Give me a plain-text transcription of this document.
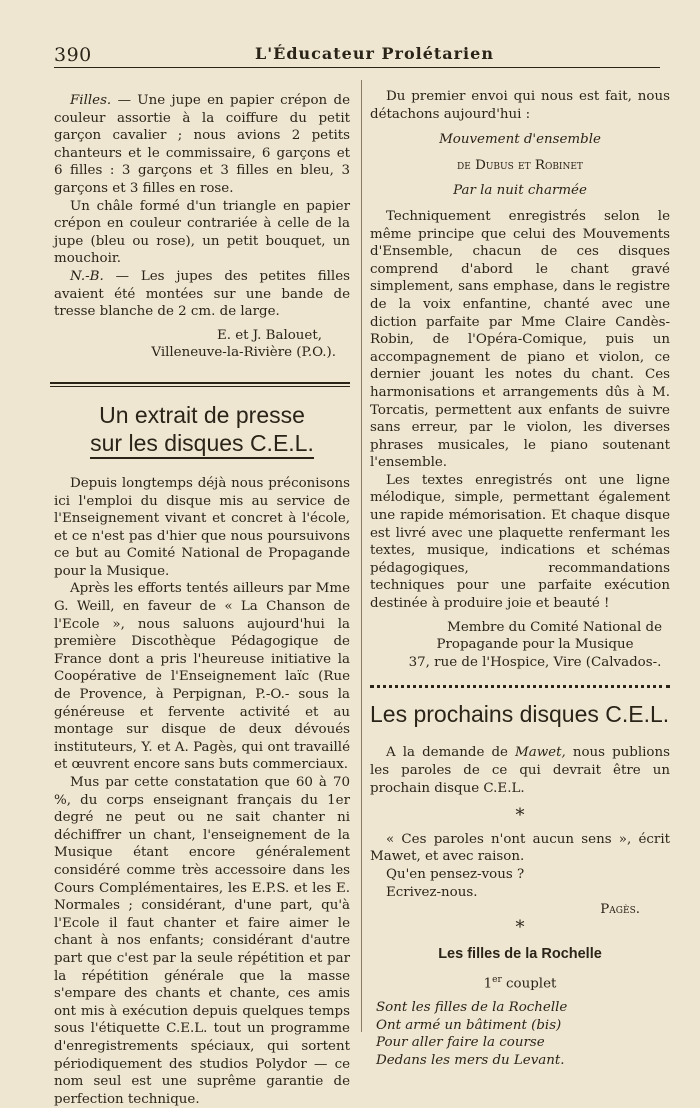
390	L'Éducateur Prolétarien

Filles. — Une jupe en papier crépon de couleur assortie à la coiffure du petit garçon cavalier ; nous avions 2 petits chanteurs et le commissaire, 6 garçons et 6 filles : 3 garçons et 3 filles en bleu, 3 garçons et 3 filles en rose.

Un châle formé d'un triangle en papier crépon en couleur contrariée à celle de la jupe (bleu ou rose), un petit bouquet, un mouchoir.

N.-B. — Les jupes des petites filles avaient été montées sur une bande de tresse blanche de 2 cm. de large.

E. et J. Balouet,

Villeneuve-la-Rivière (P.O.).

Un extrait de presse
sur les disques C.E.L.

Depuis longtemps déjà nous préconisons ici l'emploi du disque mis au service de l'Enseignement vivant et concret à l'école, et ce n'est pas d'hier que nous poursuivons ce but au Comité National de Propagande pour la Musique.

Après les efforts tentés ailleurs par Mme G. Weill, en faveur de « La Chanson de l'Ecole », nous saluons aujourd'hui la première Discothèque Pédagogique de France dont a pris l'heureuse initiative la Coopérative de l'Enseignement laïc (Rue de Provence, à Perpignan, P.-O.- sous la généreuse et fervente activité et au montage sur disque de deux dévoués instituteurs, Y. et A. Pagès, qui ont travaillé et œuvrent encore sans buts commerciaux.

Mus par cette constatation que 60 à 70 %, du corps enseignant français du 1er degré ne peut ou ne sait chanter ni déchiffrer un chant, l'enseignement de la Musique étant encore généralement considéré comme très accessoire dans les Cours Complémentaires, les E.P.S. et les E. Normales ; considérant, d'une part, qu'à l'Ecole il faut chanter et faire aimer le chant à nos enfants; considérant d'autre part que c'est par la seule répétition et par la répétition générale que la masse s'empare des chants et chante, ces amis ont mis à exécution depuis quelques temps sous l'étiquette C.E.L. tout un programme d'enregistrements spéciaux, qui sortent périodiquement des studios Polydor — ce nom seul est une suprême garantie de perfection technique.

Du premier envoi qui nous est fait, nous détachons aujourd'hui :

Mouvement d'ensemble

de Dubus et Robinet

Par la nuit charmée

Techniquement enregistrés selon le même principe que celui des Mouvements d'Ensemble, chacun de ces disques comprend d'abord le chant gravé simplement, sans emphase, dans le registre de la voix enfantine, chanté avec une diction parfaite par Mme Claire Candès-Robin, de l'Opéra-Comique, puis un accompagnement de piano et violon, ce dernier jouant les notes du chant. Ces harmonisations et arrangements dûs à M. Torcatis, permettent aux enfants de suivre sans erreur, par le violon, les diverses phrases musicales, le piano soutenant l'ensemble.

Les textes enregistrés ont une ligne mélodique, simple, permettant également une rapide mémorisation. Et chaque disque est livré avec une plaquette renfermant les textes, musique, indications et schémas pédagogiques, recommandations techniques pour une parfaite exécution destinée à produire joie et beauté !

Membre du Comité National de

Propagande pour la Musique

37, rue de l'Hospice, Vire (Calvados-.

Les prochains disques C.E.L.

A la demande de Mawet, nous publions les paroles de ce qui devrait être un prochain disque C.E.L.

*

« Ces paroles n'ont aucun sens », écrit Mawet, et avec raison.

Qu'en pensez-vous ?

Ecrivez-nous.

Pagès.

*
Les filles de la Rochelle

1er couplet

Sont les filles de la Rochelle
Ont armé un bâtiment (bis)
Pour aller faire la course
Dedans les mers du Levant.
